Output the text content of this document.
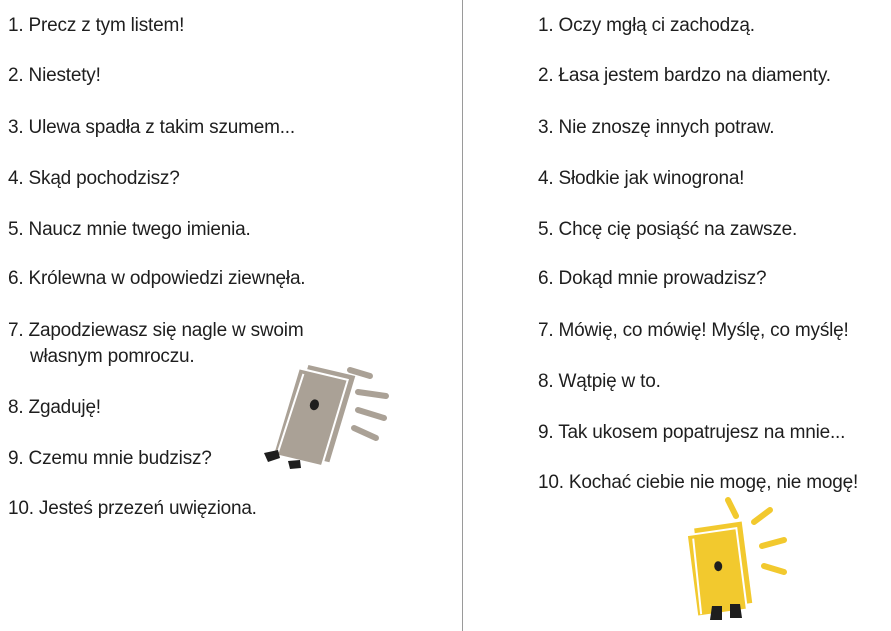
1. Precz z tym listem!
2. Niestety!
3. Ulewa spadła z takim szumem...
4. Skąd pochodzisz?
5. Naucz mnie twego imienia.
6. Królewna w odpowiedzi ziewnęła.
7. Zapodziewasz się nagle w swoim
własnym pomroczu.
8. Zgaduję!
9. Czemu mnie budzisz?
10. Jesteś przezeń uwięziona.
1. Oczy mgłą ci zachodzą.
2. Łasa jestem bardzo na diamenty.
3. Nie znoszę innych potraw.
4. Słodkie jak winogrona!
5. Chcę cię posiąść na zawsze.
6. Dokąd mnie prowadzisz?
7. Mówię, co mówię! Myślę, co myślę!
8. Wątpię w to.
9. Tak ukosem popatrujesz na mnie...
10. Kochać ciebie nie mogę, nie mogę!
